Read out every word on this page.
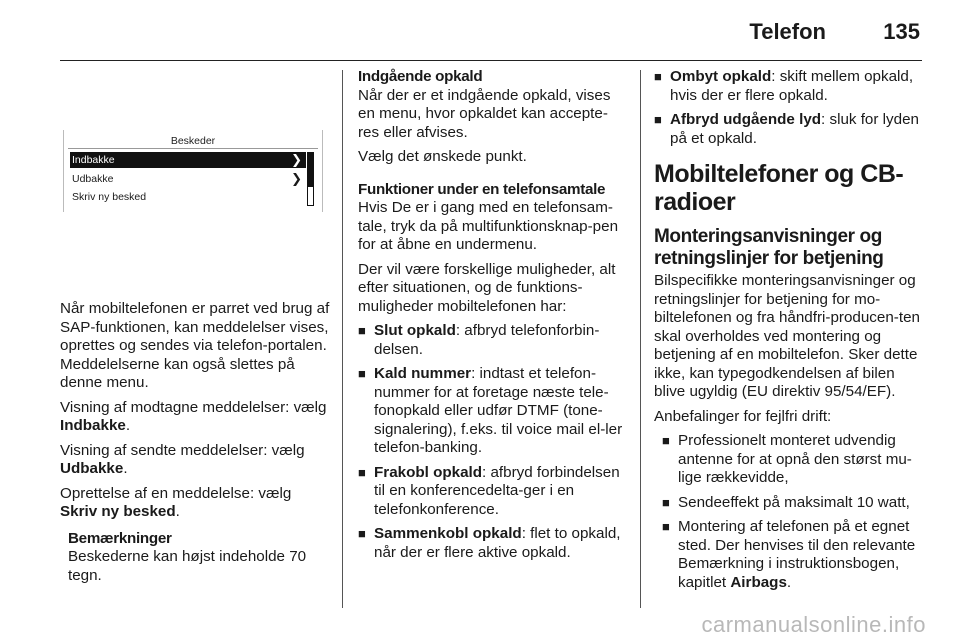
Telefon	135
Beskeder
Indbakke	❯
Udbakke	❯
Skriv ny besked

Når mobiltelefonen er parret ved brug af SAP-funktionen, kan meddelelser vises, oprettes og sendes via telefon-portalen. Meddelelserne kan også slettes på denne menu.

Visning af modtagne meddelelser: vælg Indbakke.

Visning af sendte meddelelser: vælg Udbakke.

Oprettelse af en meddelelse: vælg Skriv ny besked.

Bemærkninger
Beskederne kan højst indeholde 70 tegn.
Indgående opkald

Når der er et indgående opkald, vises en menu, hvor opkaldet kan accepte-res eller afvises.

Vælg det ønskede punkt.

Funktioner under en telefonsamtale

Hvis De er i gang med en telefonsam-tale, tryk da på multifunktionsknap-pen for at åbne en undermenu.

Der vil være forskellige muligheder, alt efter situationen, og de funktions-muligheder mobiltelefonen har:

■ Slut opkald: afbryd telefonforbin-delsen.
■ Kald nummer: indtast et telefon-nummer for at foretage næste tele-fonopkald eller udfør DTMF (tone-signalering), f.eks. til voice mail el-ler telefon-banking.
■ Frakobl opkald: afbryd forbindelsen til en konferencedelta-ger i en telefonkonference.
■ Sammenkobl opkald: flet to opkald, når der er flere aktive opkald.
■ Ombyt opkald: skift mellem opkald, hvis der er flere opkald.
■ Afbryd udgående lyd: sluk for lyden på et opkald.
Mobiltelefoner og CB-radioer
Monteringsanvisninger og retningslinjer for betjening

Bilspecifikke monteringsanvisninger og retningslinjer for betjening for mo-biltelefonen og fra håndfri-producen-ten skal overholdes ved montering og betjening af en mobiltelefon. Sker dette ikke, kan typegodkendelsen af bilen blive ugyldig (EU direktiv 95/54/EF).

Anbefalinger for fejlfri drift:

■ Professionelt monteret udvendig antenne for at opnå den størst mu-lige rækkevidde,
■ Sendeeffekt på maksimalt 10 watt,
■ Montering af telefonen på et egnet sted. Der henvises til den relevante Bemærkning i instruktionsbogen, kapitlet Airbags.
carmanualsonline.info
